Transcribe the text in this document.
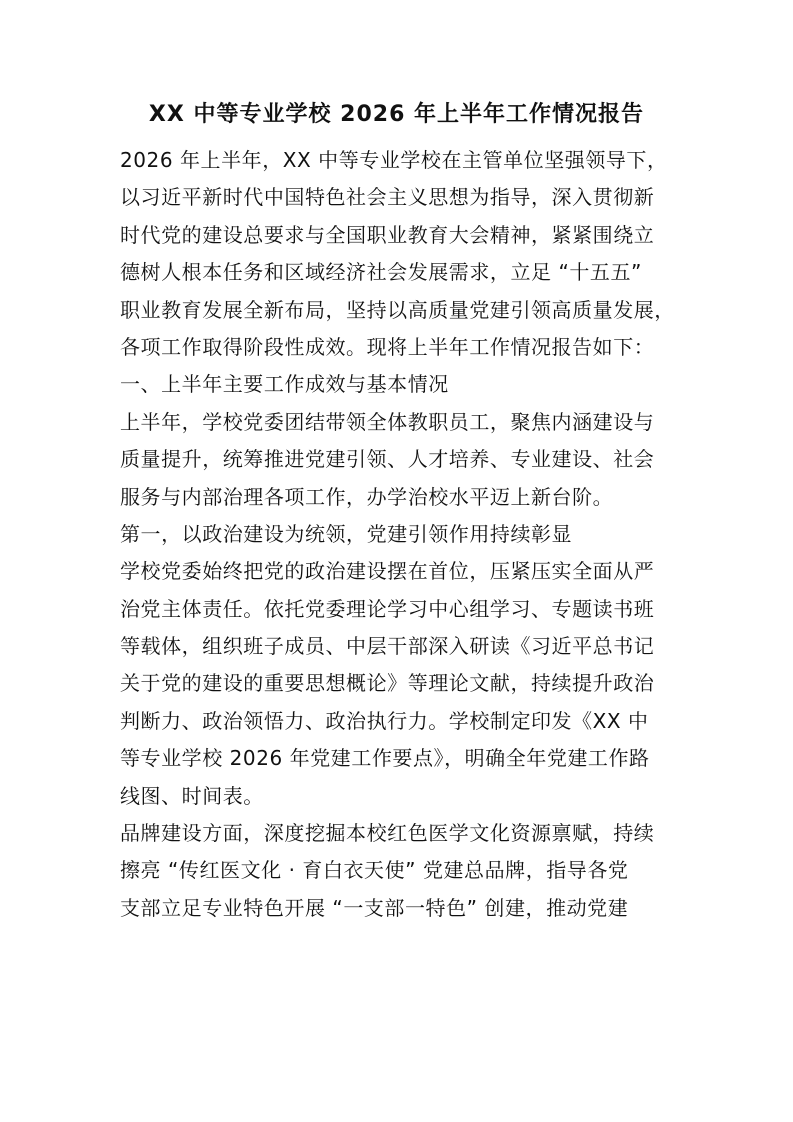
XX 中等专业学校 2026 年上半年工作情况报告
2026 年上半年，XX 中等专业学校在主管单位坚强领导下，
以习近平新时代中国特色社会主义思想为指导，深入贯彻新
时代党的建设总要求与全国职业教育大会精神，紧紧围绕立
德树人根本任务和区域经济社会发展需求，立足 “十五五”
职业教育发展全新布局，坚持以高质量党建引领高质量发展，
各项工作取得阶段性成效。现将上半年工作情况报告如下：
一、上半年主要工作成效与基本情况
上半年，学校党委团结带领全体教职员工，聚焦内涵建设与
质量提升，统筹推进党建引领、人才培养、专业建设、社会
服务与内部治理各项工作，办学治校水平迈上新台阶。
第一，以政治建设为统领，党建引领作用持续彰显
学校党委始终把党的政治建设摆在首位，压紧压实全面从严
治党主体责任。依托党委理论学习中心组学习、专题读书班
等载体，组织班子成员、中层干部深入研读《习近平总书记
关于党的建设的重要思想概论》等理论文献，持续提升政治
判断力、政治领悟力、政治执行力。学校制定印发《XX 中
等专业学校 2026 年党建工作要点》，明确全年党建工作路
线图、时间表。
品牌建设方面，深度挖掘本校红色医学文化资源禀赋，持续
擦亮 “传红医文化 · 育白衣天使” 党建总品牌，指导各党
支部立足专业特色开展 “一支部一特色” 创建，推动党建
